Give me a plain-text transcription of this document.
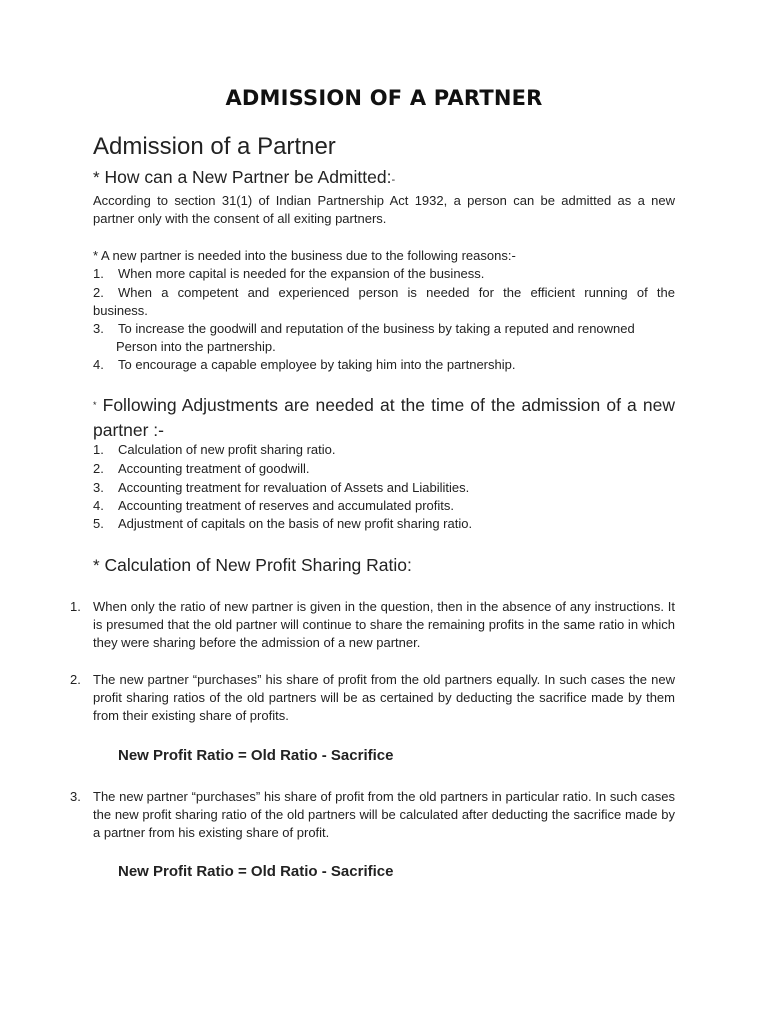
ADMISSION OF A PARTNER
Admission of a Partner
* How can a New Partner be Admitted:-
According to section 31(1) of Indian Partnership Act 1932, a person can be admitted as a new partner only with the consent of all exiting partners.
* A new partner is needed into the business due to the following reasons:-
1. When more capital is needed for the expansion of the business.
2. When a competent and experienced person is needed for the efficient running of the
business.
3. To increase the goodwill and reputation of the business by taking a reputed and renowned
Person into the partnership.
4. To encourage a capable employee by taking him into the partnership.
* Following Adjustments are needed at the time of the admission of a new partner :-
1. Calculation of new profit sharing ratio.
2. Accounting treatment of goodwill.
3. Accounting treatment for revaluation of Assets and Liabilities.
4. Accounting treatment of reserves and accumulated profits.
5. Adjustment of capitals on the basis of new profit sharing ratio.
* Calculation of New Profit Sharing Ratio:
1. When only the ratio of new partner is given in the question, then in the absence of any instructions. It is presumed that the old partner will continue to share the remaining profits in the same ratio in which they were sharing before the admission of a new partner.
2. The new partner “purchases” his share of profit from the old partners equally. In such cases the new profit sharing ratios of the old partners will be as certained by deducting the sacrifice made by them from their existing share of profits.
New Profit Ratio = Old Ratio - Sacrifice
3. The new partner “purchases” his share of profit from the old partners in particular ratio. In such cases the new profit sharing ratio of the old partners will be calculated after deducting the sacrifice made by a partner from his existing share of profit.
New Profit Ratio = Old Ratio - Sacrifice
